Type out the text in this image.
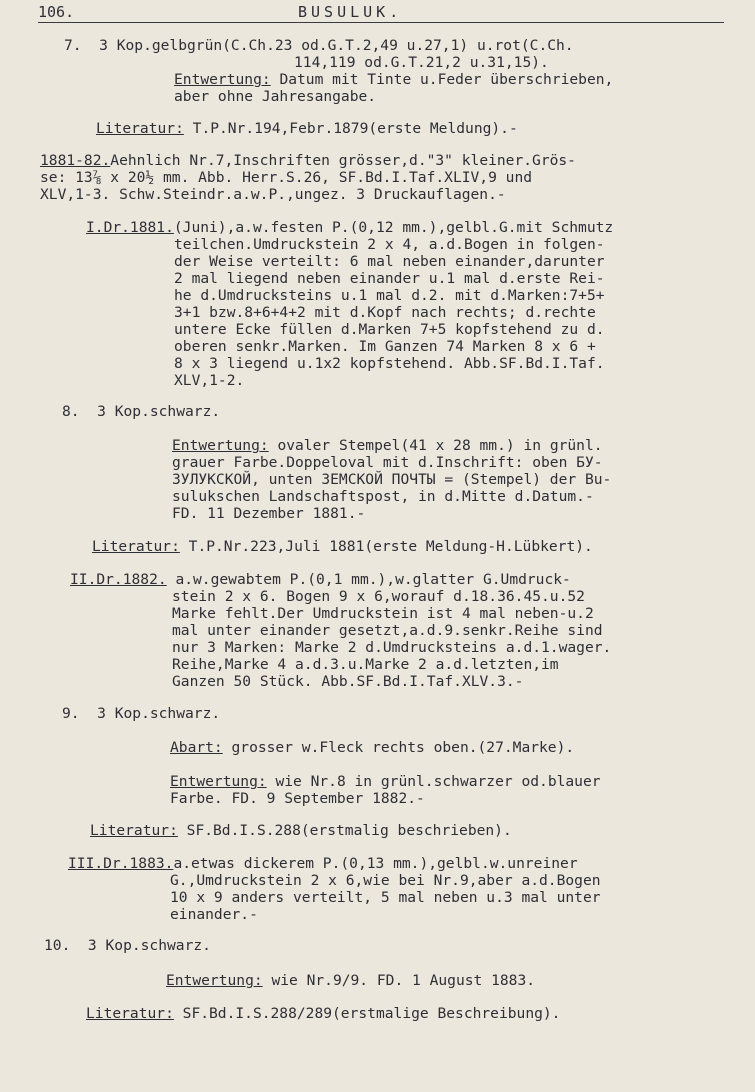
106.	BUSULUK.
7.  3 Kop.gelbgrün(C.Ch.23 od.G.T.2,49 u.27,1) u.rot(C.Ch.
114,119 od.G.T.21,2 u.31,15).
Entwertung: Datum mit Tinte u.Feder überschrieben,
aber ohne Jahresangabe.
Literatur: T.P.Nr.194,Febr.1879(erste Meldung).-
1881-82.Aehnlich Nr.7,Inschriften grösser,d."3" kleiner.Grös-
se: 13⅞ x 20½ mm. Abb. Herr.S.26, SF.Bd.I.Taf.XLIV,9 und
XLV,1-3. Schw.Steindr.a.w.P.,ungez. 3 Druckauflagen.-
I.Dr.1881.(Juni),a.w.festen P.(0,12 mm.),gelbl.G.mit Schmutz
teilchen.Umdruckstein 2 x 4, a.d.Bogen in folgen-
der Weise verteilt: 6 mal neben einander,darunter
2 mal liegend neben einander u.1 mal d.erste Rei-
he d.Umdrucksteins u.1 mal d.2. mit d.Marken:7+5+
3+1 bzw.8+6+4+2 mit d.Kopf nach rechts; d.rechte
untere Ecke füllen d.Marken 7+5 kopfstehend zu d.
oberen senkr.Marken. Im Ganzen 74 Marken 8 x 6 +
8 x 3 liegend u.1x2 kopfstehend. Abb.SF.Bd.I.Taf.
XLV,1-2.
8.  3 Kop.schwarz.
Entwertung: ovaler Stempel(41 x 28 mm.) in grünl.
grauer Farbe.Doppeloval mit d.Inschrift: oben БУ-
ЗУЛУКСКОЙ, unten ЗЕМСКОЙ ПОЧТЫ = (Stempel) der Bu-
sulukschen Landschaftspost, in d.Mitte d.Datum.-
FD. 11 Dezember 1881.-
Literatur: T.P.Nr.223,Juli 1881(erste Meldung-H.Lübkert).
II.Dr.1882. a.w.gewabtem P.(0,1 mm.),w.glatter G.Umdruck-
stein 2 x 6. Bogen 9 x 6,worauf d.18.36.45.u.52
Marke fehlt.Der Umdruckstein ist 4 mal neben-u.2
mal unter einander gesetzt,a.d.9.senkr.Reihe sind
nur 3 Marken: Marke 2 d.Umdrucksteins a.d.1.wager.
Reihe,Marke 4 a.d.3.u.Marke 2 a.d.letzten,im
Ganzen 50 Stück. Abb.SF.Bd.I.Taf.XLV.3.-
9.  3 Kop.schwarz.
Abart: grosser w.Fleck rechts oben.(27.Marke).
Entwertung: wie Nr.8 in grünl.schwarzer od.blauer
Farbe. FD. 9 September 1882.-
Literatur: SF.Bd.I.S.288(erstmalig beschrieben).
III.Dr.1883.a.etwas dickerem P.(0,13 mm.),gelbl.w.unreiner
G.,Umdruckstein 2 x 6,wie bei Nr.9,aber a.d.Bogen
10 x 9 anders verteilt, 5 mal neben u.3 mal unter
einander.-
10.  3 Kop.schwarz.
Entwertung: wie Nr.9/9. FD. 1 August 1883.
Literatur: SF.Bd.I.S.288/289(erstmalige Beschreibung).
